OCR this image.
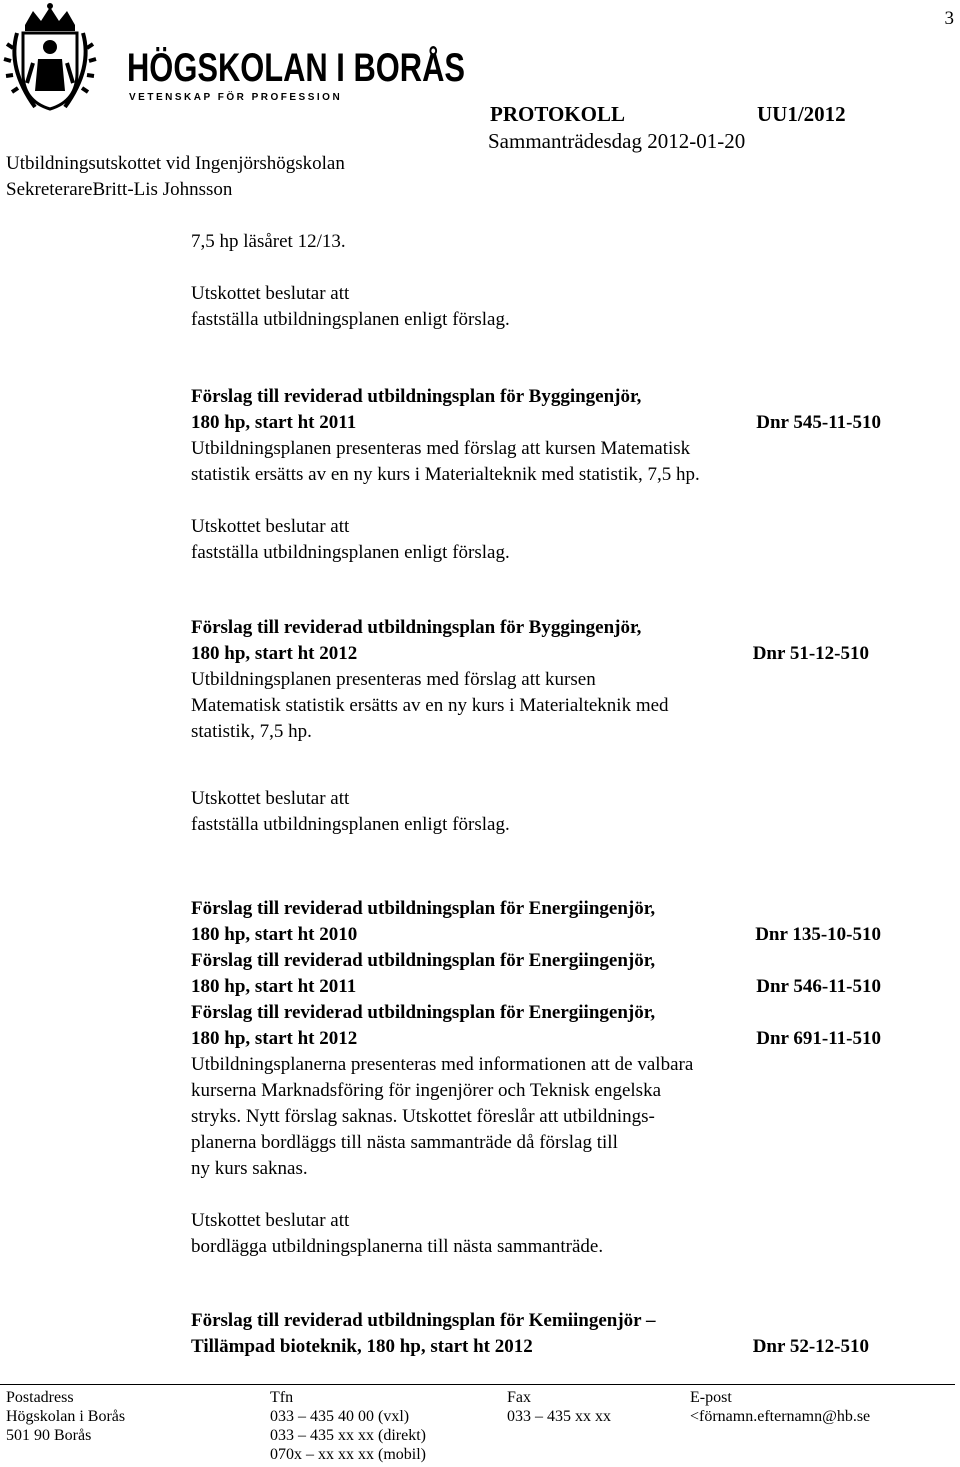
3
HÖGSKOLAN I BORÅS
VETENSKAP FÖR PROFESSION
PROTOKOLL	UU1/2012
Sammanträdesdag 2012-01-20
Utbildningsutskottet vid Ingenjörshögskolan
SekreterareBritt-Lis Johnsson
7,5 hp läsåret 12/13.
Utskottet beslutar att
fastställa utbildningsplanen enligt förslag.
Förslag till reviderad utbildningsplan för Byggingenjör,
180 hp, start ht 2011	Dnr 545-11-510
Utbildningsplanen presenteras med förslag att kursen Matematisk
statistik ersätts av en ny kurs i Materialteknik med statistik, 7,5 hp.
Utskottet beslutar att
fastställa utbildningsplanen enligt förslag.
Förslag till reviderad utbildningsplan för Byggingenjör,
180 hp, start ht 2012	Dnr 51-12-510
Utbildningsplanen presenteras med förslag att kursen
Matematisk statistik ersätts av en ny kurs i Materialteknik med
statistik, 7,5 hp.
Utskottet beslutar att
fastställa utbildningsplanen enligt förslag.
Förslag till reviderad utbildningsplan för Energiingenjör,
180 hp, start ht 2010	Dnr 135-10-510
Förslag till reviderad utbildningsplan för Energiingenjör,
180 hp, start ht 2011	Dnr 546-11-510
Förslag till reviderad utbildningsplan för Energiingenjör,
180 hp, start ht 2012	Dnr 691-11-510
Utbildningsplanerna presenteras med informationen att de valbara
kurserna Marknadsföring för ingenjörer och Teknisk engelska
stryks. Nytt förslag saknas. Utskottet föreslår att utbildnings-
planerna bordläggs till nästa sammanträde då förslag till
ny kurs saknas.
Utskottet beslutar att
bordlägga utbildningsplanerna till nästa sammanträde.
Förslag till reviderad utbildningsplan för Kemiingenjör –
Tillämpad bioteknik, 180 hp, start ht 2012	Dnr 52-12-510
Postadress
Högskolan i Borås
501 90 Borås
Tfn
033 – 435 40 00 (vxl)
033 – 435 xx xx (direkt)
070x – xx xx xx (mobil)
Fax
033 – 435 xx xx
E-post
<förnamn.efternamn@hb.se
